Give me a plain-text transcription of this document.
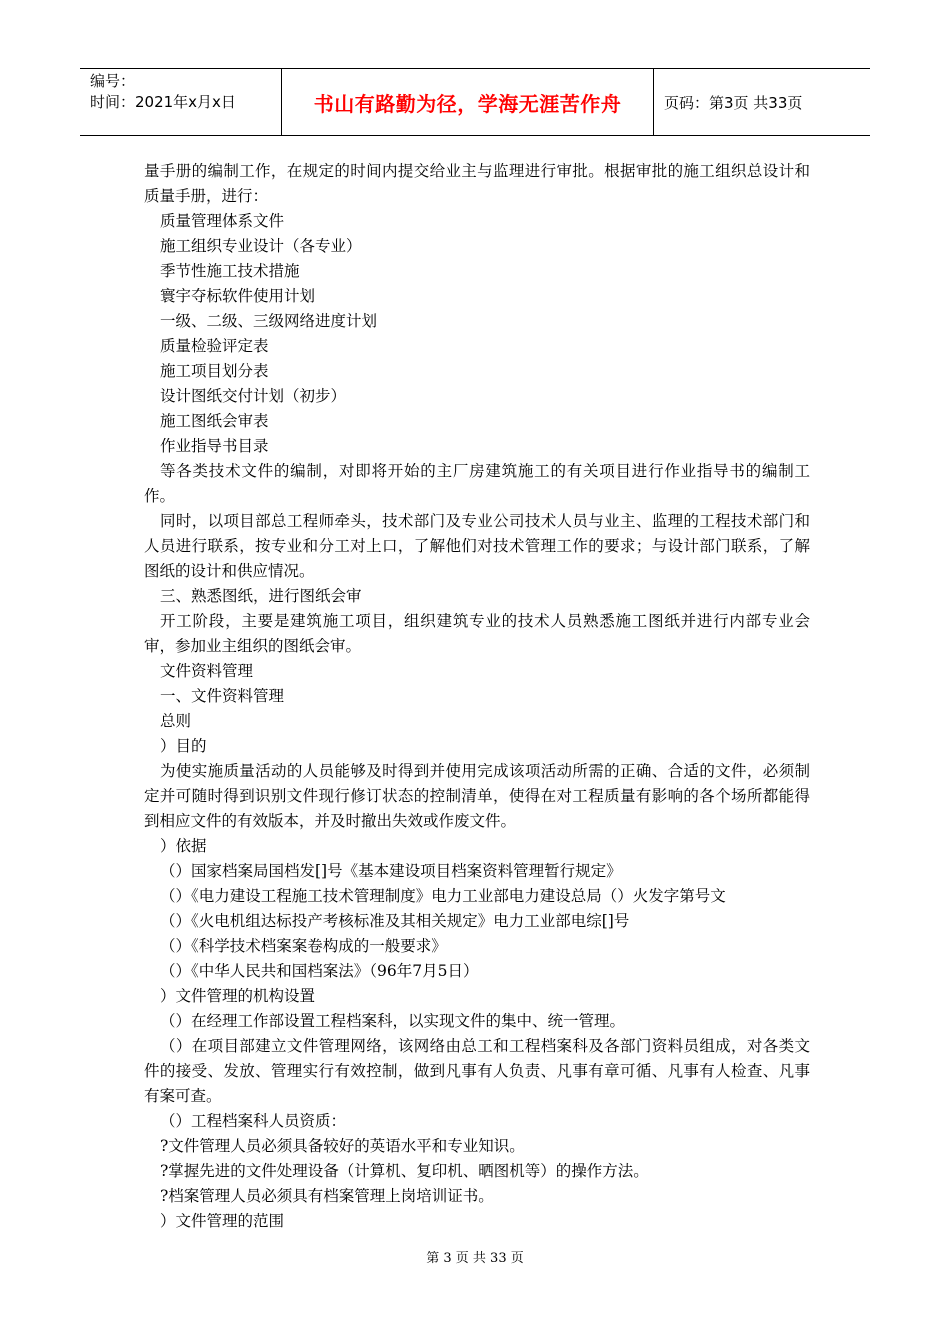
编号：
时间：2021年x月x日	书山有路勤为径，学海无涯苦作舟	页码：第3页 共33页

量手册的编制工作，在规定的时间内提交给业主与监理进行审批。根据审批的施工组织总设计和质量手册，进行：

质量管理体系文件

施工组织专业设计（各专业）

季节性施工技术措施

寰宇夺标软件使用计划

一级、二级、三级网络进度计划

质量检验评定表

施工项目划分表

设计图纸交付计划（初步）

施工图纸会审表

作业指导书目录

等各类技术文件的编制，对即将开始的主厂房建筑施工的有关项目进行作业指导书的编制工作。

同时，以项目部总工程师牵头，技术部门及专业公司技术人员与业主、监理的工程技术部门和人员进行联系，按专业和分工对上口，了解他们对技术管理工作的要求；与设计部门联系，了解图纸的设计和供应情况。

三、熟悉图纸，进行图纸会审

开工阶段，主要是建筑施工项目，组织建筑专业的技术人员熟悉施工图纸并进行内部专业会审，参加业主组织的图纸会审。

文件资料管理

一、文件资料管理

总则

）目的

为使实施质量活动的人员能够及时得到并使用完成该项活动所需的正确、合适的文件，必须制定并可随时得到识别文件现行修订状态的控制清单，使得在对工程质量有影响的各个场所都能得到相应文件的有效版本，并及时撤出失效或作废文件。

）依据

（）国家档案局国档发[]号《基本建设项目档案资料管理暂行规定》

（）《电力建设工程施工技术管理制度》电力工业部电力建设总局（）火发字第号文

（）《火电机组达标投产考核标准及其相关规定》电力工业部电综[]号

（）《科学技术档案案卷构成的一般要求》

（）《中华人民共和国档案法》（96年7月5日）

）文件管理的机构设置

（）在经理工作部设置工程档案科，以实现文件的集中、统一管理。

（）在项目部建立文件管理网络，该网络由总工和工程档案科及各部门资料员组成，对各类文件的接受、发放、管理实行有效控制，做到凡事有人负责、凡事有章可循、凡事有人检查、凡事有案可查。

（）工程档案科人员资质：

?文件管理人员必须具备较好的英语水平和专业知识。

?掌握先进的文件处理设备（计算机、复印机、晒图机等）的操作方法。

?档案管理人员必须具有档案管理上岗培训证书。

）文件管理的范围

第 3 页 共 33 页
